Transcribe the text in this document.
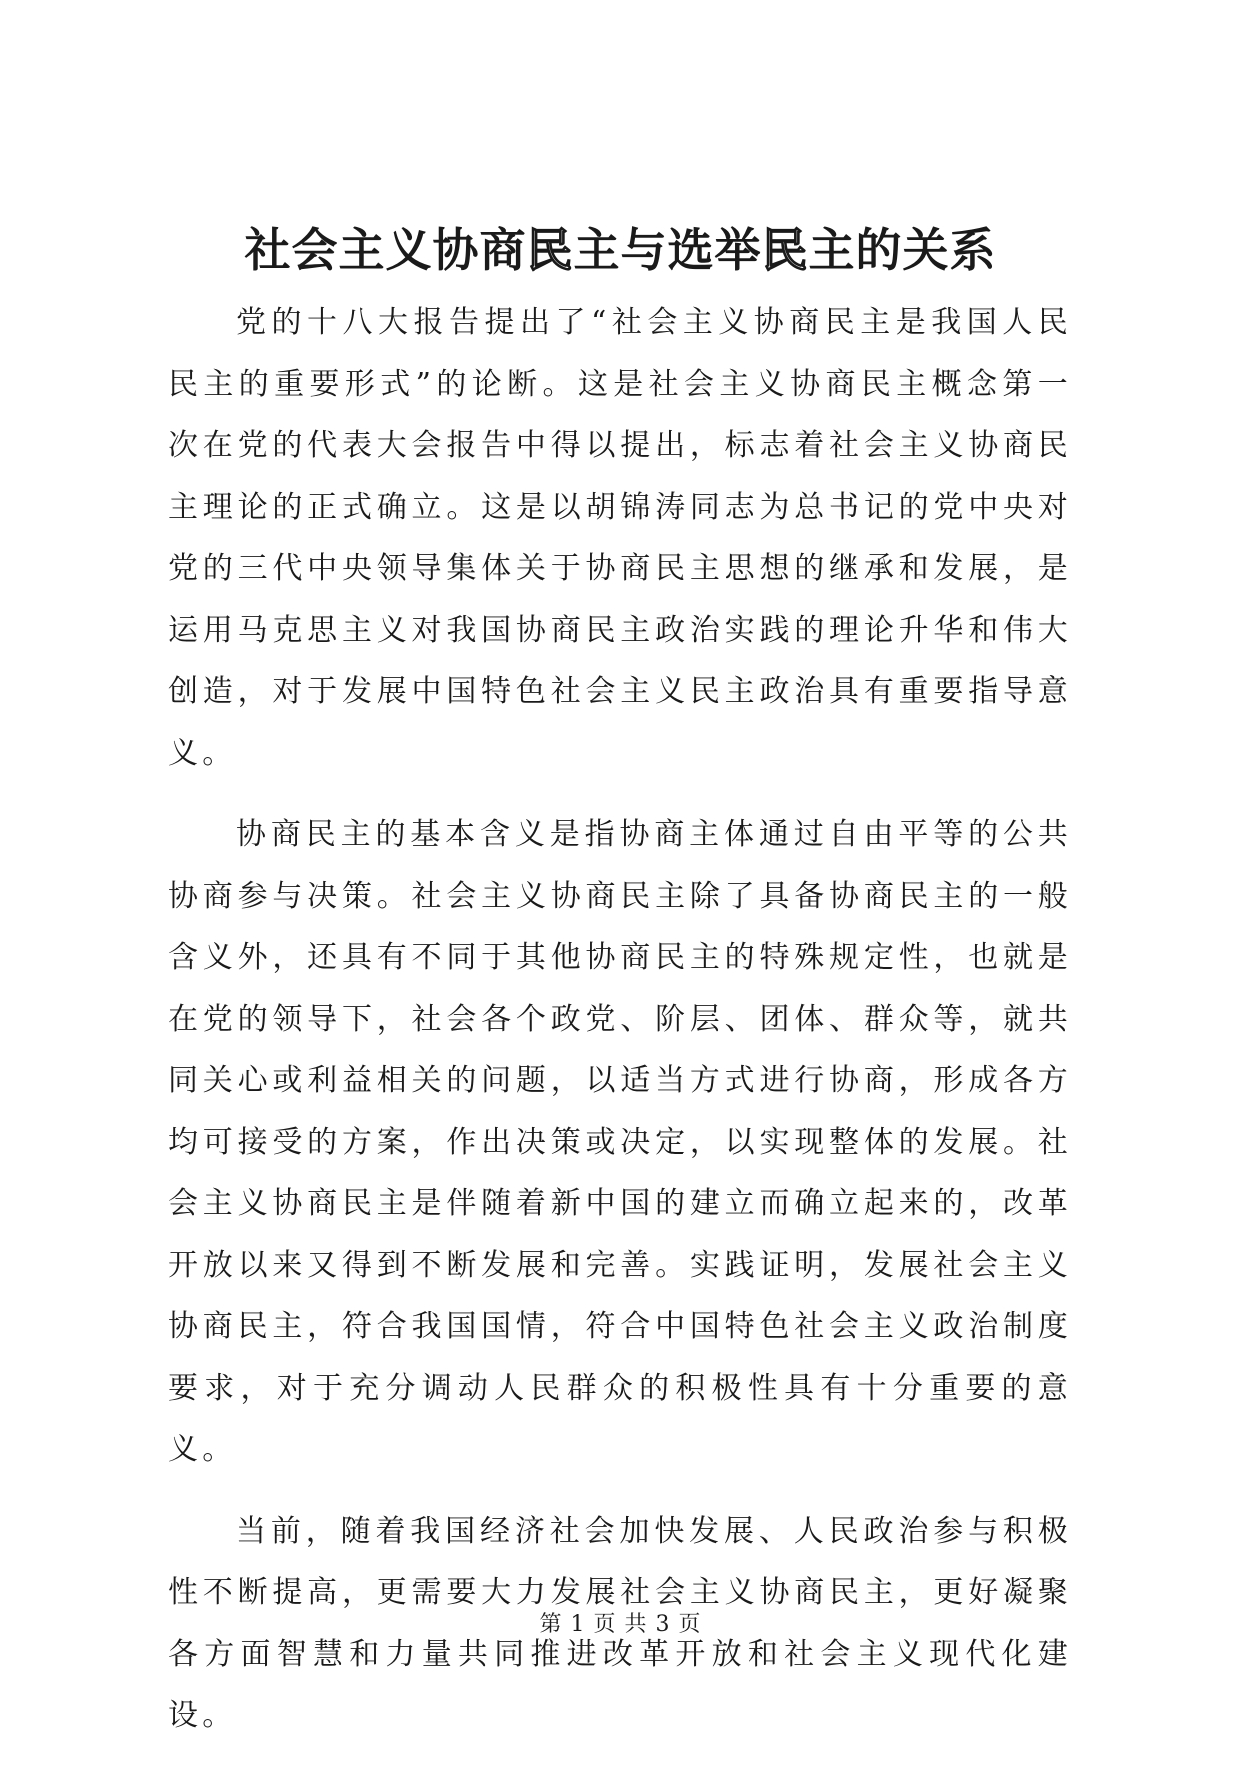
社会主义协商民主与选举民主的关系

党的十八大报告提出了“社会主义协商民主是我国人民民主的重要形式”的论断。这是社会主义协商民主概念第一次在党的代表大会报告中得以提出，标志着社会主义协商民主理论的正式确立。这是以胡锦涛同志为总书记的党中央对党的三代中央领导集体关于协商民主思想的继承和发展，是运用马克思主义对我国协商民主政治实践的理论升华和伟大创造，对于发展中国特色社会主义民主政治具有重要指导意义。

协商民主的基本含义是指协商主体通过自由平等的公共协商参与决策。社会主义协商民主除了具备协商民主的一般含义外，还具有不同于其他协商民主的特殊规定性，也就是在党的领导下，社会各个政党、阶层、团体、群众等，就共同关心或利益相关的问题，以适当方式进行协商，形成各方均可接受的方案，作出决策或决定，以实现整体的发展。社会主义协商民主是伴随着新中国的建立而确立起来的，改革开放以来又得到不断发展和完善。实践证明，发展社会主义协商民主，符合我国国情，符合中国特色社会主义政治制度要求，对于充分调动人民群众的积极性具有十分重要的意义。

当前，随着我国经济社会加快发展、人民政治参与积极性不断提高，更需要大力发展社会主义协商民主，更好凝聚各方面智慧和力量共同推进改革开放和社会主义现代化建设。

第 1 页 共 3 页
